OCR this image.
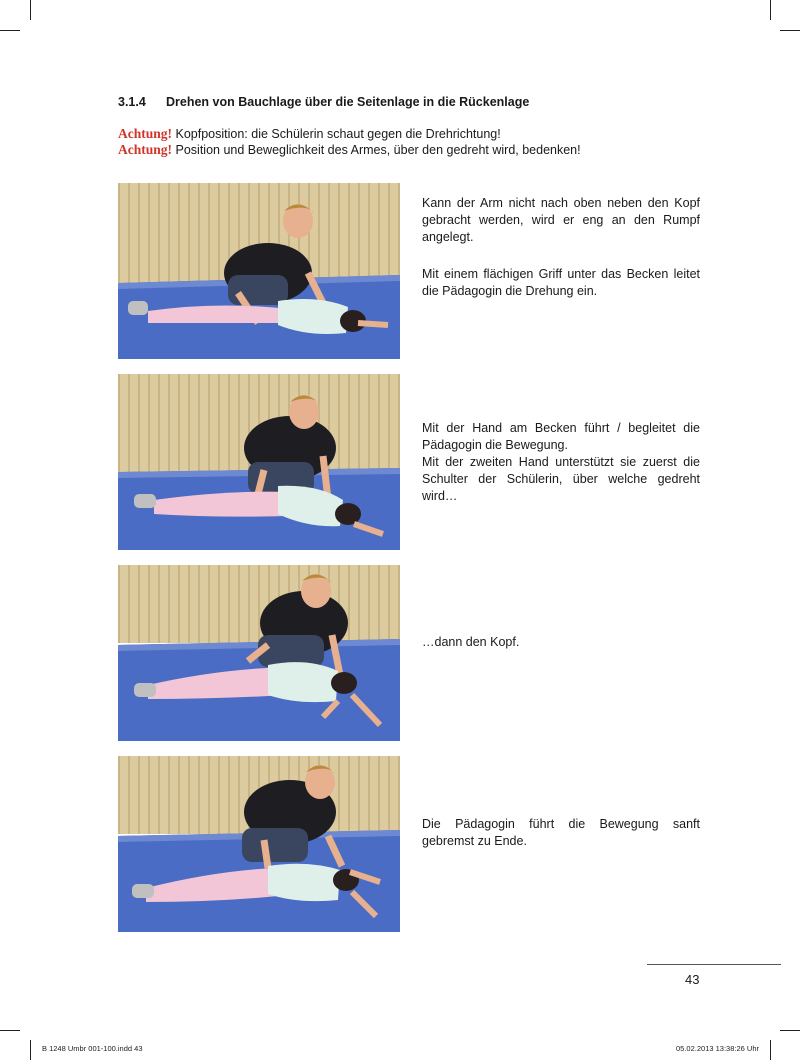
3.1.4 Drehen von Bauchlage über die Seitenlage in die Rückenlage
Achtung! Kopfposition: die Schülerin schaut gegen die Drehrichtung!
Achtung! Position und Beweglichkeit des Armes, über den gedreht wird, bedenken!

Kann der Arm nicht nach oben neben den Kopf gebracht werden, wird er eng an den Rumpf angelegt.

Mit einem flächigen Griff unter das Becken leitet die Pädagogin die Drehung ein.

Mit der Hand am Becken führt / begleitet die Pädagogin die Bewegung.

Mit der zweiten Hand unterstützt sie zuerst die Schulter der Schülerin, über welche gedreht wird…

…dann den Kopf.

Die Pädagogin führt die Bewegung sanft gebremst zu Ende.

43
B 1248 Umbr 001-100.indd 43	05.02.2013 13:38:26 Uhr
